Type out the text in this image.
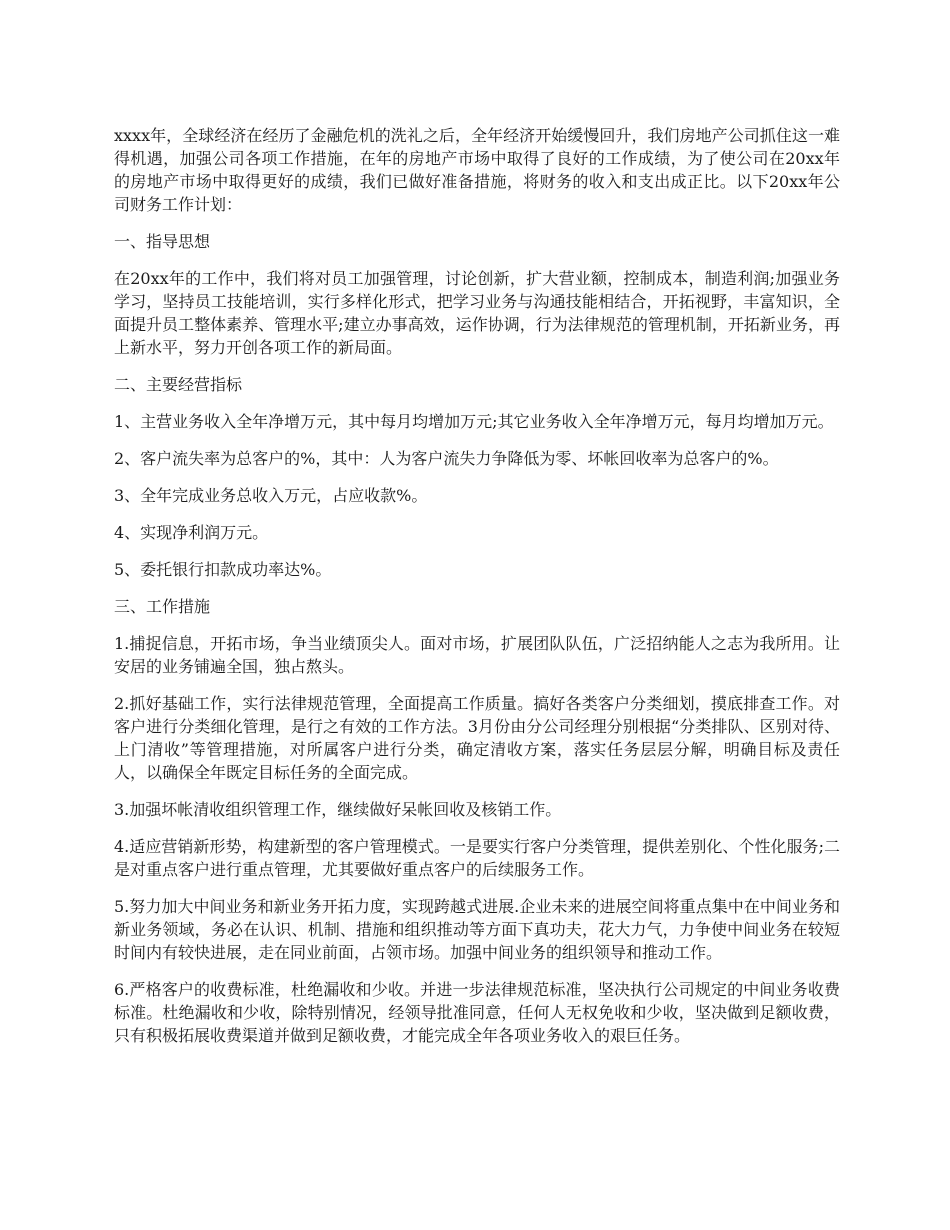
xxxx年，全球经济在经历了金融危机的洗礼之后，全年经济开始缓慢回升，我们房地产公司抓住这一难得机遇，加强公司各项工作措施，在年的房地产市场中取得了良好的工作成绩，为了使公司在20xx年的房地产市场中取得更好的成绩，我们已做好准备措施，将财务的收入和支出成正比。以下20xx年公司财务工作计划：

一、指导思想

在20xx年的工作中，我们将对员工加强管理，讨论创新，扩大营业额，控制成本，制造利润;加强业务学习，坚持员工技能培训，实行多样化形式，把学习业务与沟通技能相结合，开拓视野，丰富知识，全面提升员工整体素养、管理水平;建立办事高效，运作协调，行为法律规范的管理机制，开拓新业务，再上新水平，努力开创各项工作的新局面。

二、主要经营指标

1、主营业务收入全年净增万元，其中每月均增加万元;其它业务收入全年净增万元，每月均增加万元。

2、客户流失率为总客户的%，其中：人为客户流失力争降低为零、坏帐回收率为总客户的%。

3、全年完成业务总收入万元，占应收款%。

4、实现净利润万元。

5、委托银行扣款成功率达%。

三、工作措施

1.捕捉信息，开拓市场，争当业绩顶尖人。面对市场，扩展团队队伍，广泛招纳能人之志为我所用。让安居的业务铺遍全国，独占熬头。

2.抓好基础工作，实行法律规范管理，全面提高工作质量。搞好各类客户分类细划，摸底排查工作。对客户进行分类细化管理，是行之有效的工作方法。3月份由分公司经理分别根据“分类排队、区别对待、上门清收”等管理措施，对所属客户进行分类，确定清收方案，落实任务层层分解，明确目标及责任人，以确保全年既定目标任务的全面完成。

3.加强坏帐清收组织管理工作，继续做好呆帐回收及核销工作。

4.适应营销新形势，构建新型的客户管理模式。一是要实行客户分类管理，提供差别化、个性化服务;二是对重点客户进行重点管理，尤其要做好重点客户的后续服务工作。

5.努力加大中间业务和新业务开拓力度，实现跨越式进展.企业未来的进展空间将重点集中在中间业务和新业务领域，务必在认识、机制、措施和组织推动等方面下真功夫，花大力气，力争使中间业务在较短时间内有较快进展，走在同业前面，占领市场。加强中间业务的组织领导和推动工作。

6.严格客户的收费标准，杜绝漏收和少收。并进一步法律规范标准，坚决执行公司规定的中间业务收费标准。杜绝漏收和少收，除特别情况，经领导批准同意，任何人无权免收和少收，坚决做到足额收费，只有积极拓展收费渠道并做到足额收费，才能完成全年各项业务收入的艰巨任务。
